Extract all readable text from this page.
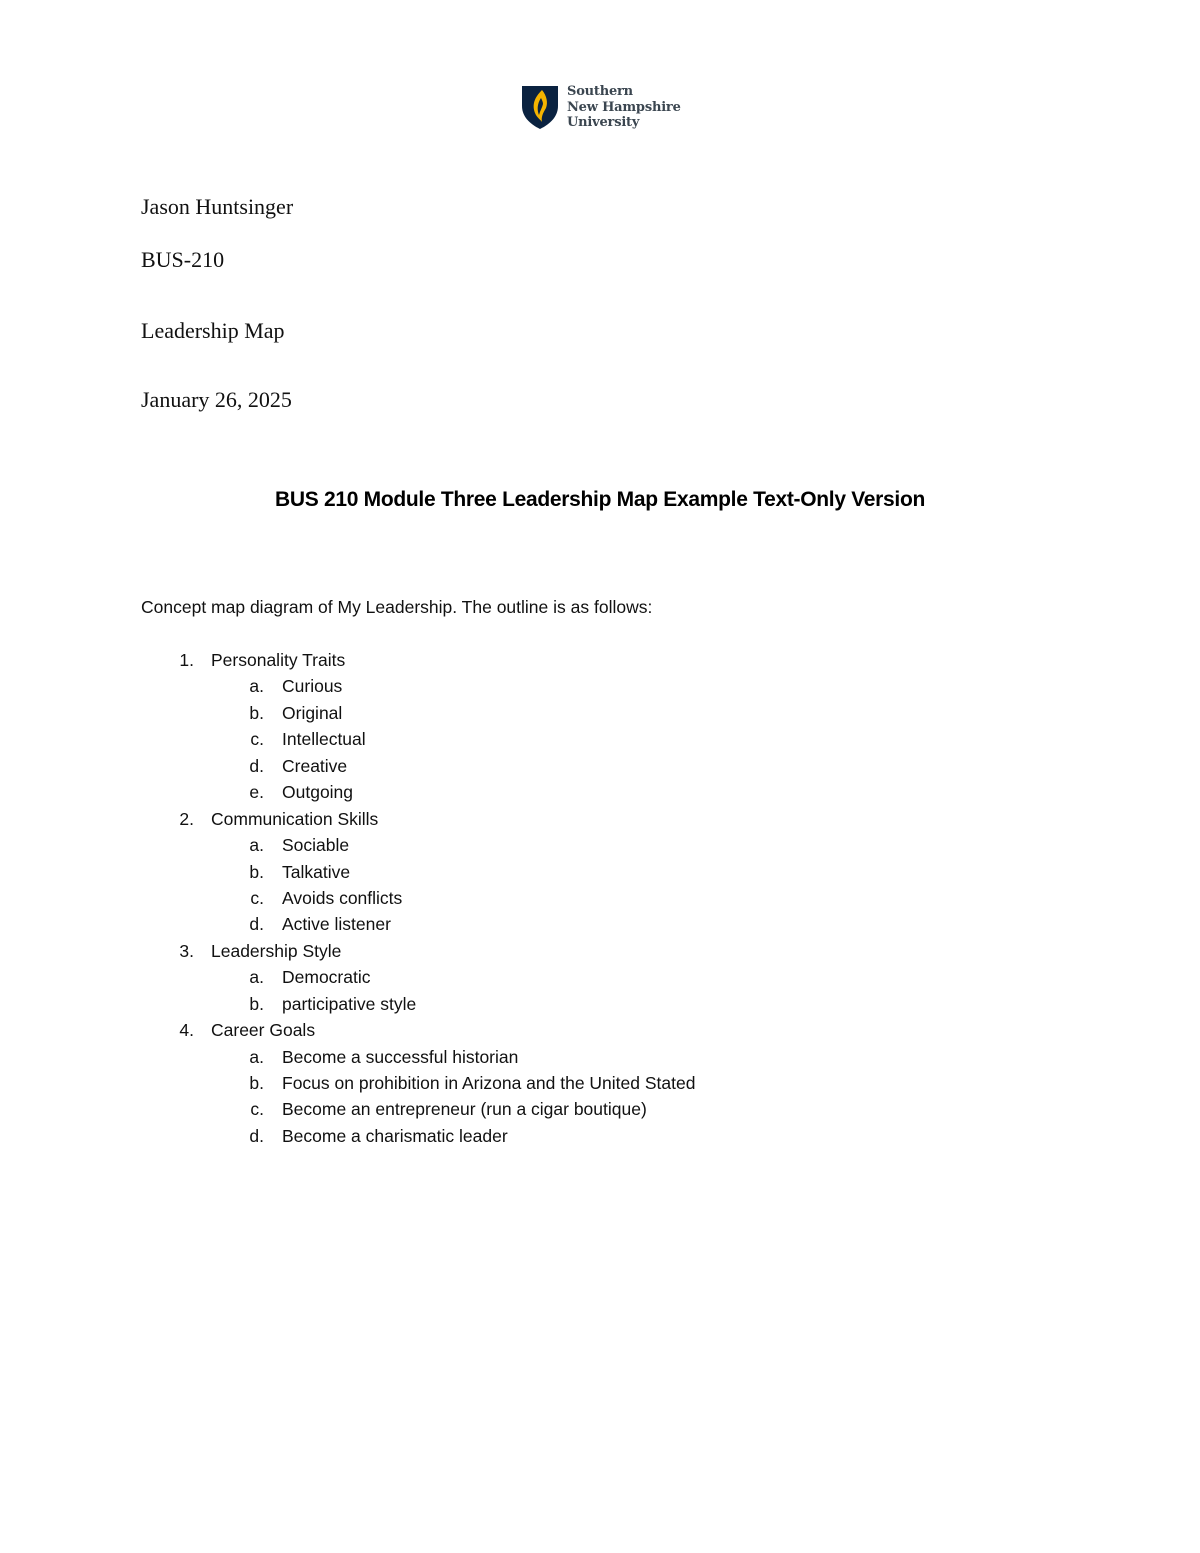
Southern
New Hampshire
University
Jason Huntsinger
BUS-210
Leadership Map
January 26, 2025
BUS 210 Module Three Leadership Map Example Text-Only Version
Concept map diagram of My Leadership. The outline is as follows:
1. Personality Traits
a. Curious
b. Original
c. Intellectual
d. Creative
e. Outgoing
2. Communication Skills
a. Sociable
b. Talkative
c. Avoids conflicts
d. Active listener
3. Leadership Style
a. Democratic
b. participative style
4. Career Goals
a. Become a successful historian
b. Focus on prohibition in Arizona and the United Stated
c. Become an entrepreneur (run a cigar boutique)
d. Become a charismatic leader
